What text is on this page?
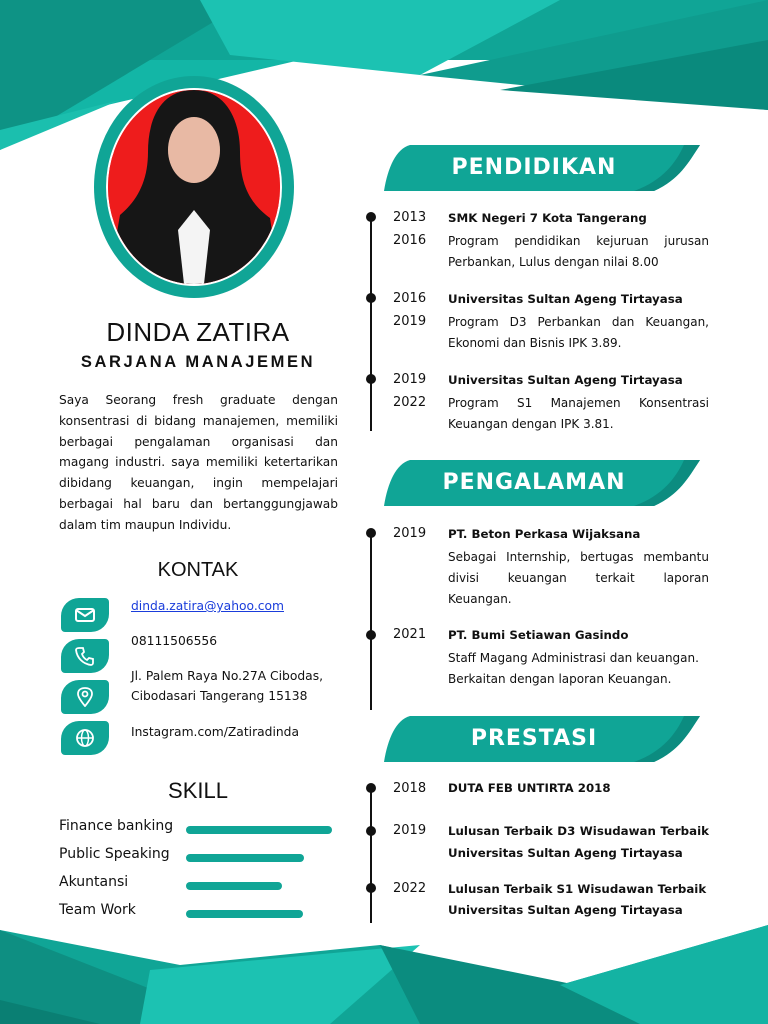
DINDA ZATIRA
SARJANA MANAJEMEN
Saya Seorang fresh graduate dengan konsentrasi di bidang manajemen, memiliki berbagai pengalaman organisasi dan magang industri. saya memiliki ketertarikan dibidang keuangan, ingin mempelajari berbagai hal baru dan bertanggungjawab dalam tim maupun Individu.
KONTAK
dinda.zatira@yahoo.com
08111506556
Jl. Palem Raya No.27A Cibodas,
Cibodasari Tangerang 15138
Instagram.com/Zatiradinda
SKILL
Finance banking
Public Speaking
Akuntansi
Team Work
PENDIDIKAN
2013
2016
SMK Negeri 7 Kota Tangerang
Program pendidikan kejuruan jurusan
Perbankan, Lulus dengan nilai 8.00
2016
2019
Universitas Sultan Ageng Tirtayasa
Program D3 Perbankan dan Keuangan,
Ekonomi dan Bisnis IPK 3.89.
2019
2022
Universitas Sultan Ageng Tirtayasa
Program S1 Manajemen Konsentrasi
Keuangan dengan IPK 3.81.
PENGALAMAN
2019 PT. Beton Perkasa Wijaksana
Sebagai Internship, bertugas membantu
divisi keuangan terkait laporan
Keuangan.
2021 PT. Bumi Setiawan Gasindo
Staff Magang Administrasi dan keuangan.
Berkaitan dengan laporan Keuangan.
PRESTASI
2018 DUTA FEB UNTIRTA 2018
2019 Lulusan Terbaik D3 Wisudawan Terbaik
Universitas Sultan Ageng Tirtayasa
2022 Lulusan Terbaik S1 Wisudawan Terbaik
Universitas Sultan Ageng Tirtayasa
